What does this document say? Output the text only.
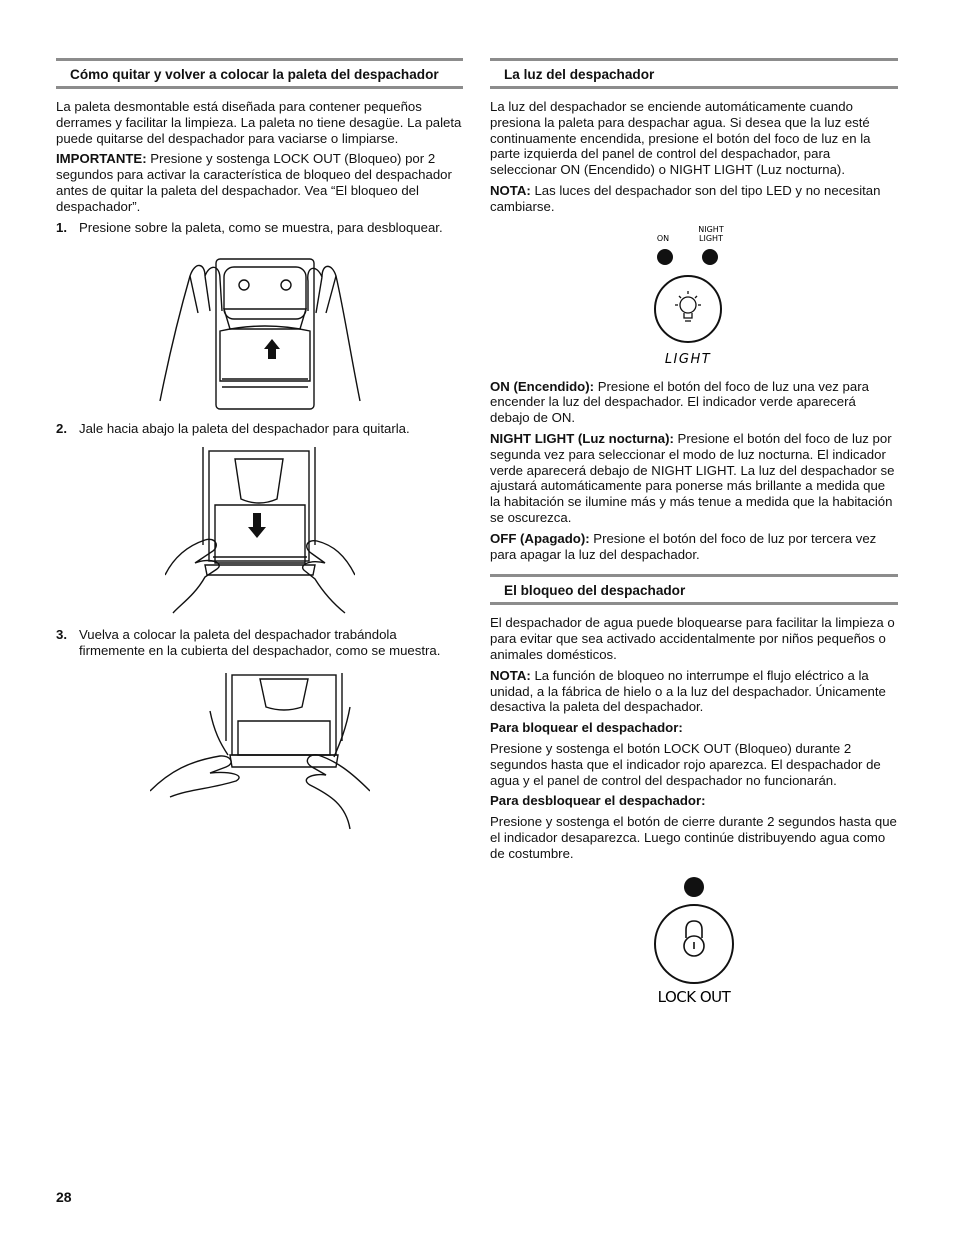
Cómo quitar y volver a colocar la paleta del despachador

La paleta desmontable está diseñada para contener pequeños derrames y facilitar la limpieza. La paleta no tiene desagüe. La paleta puede quitarse del despachador para vaciarse o limpiarse.

IMPORTANTE: Presione y sostenga LOCK OUT (Bloqueo) por 2 segundos para activar la característica de bloqueo del despachador antes de quitar la paleta del despachador. Vea “El bloqueo del despachador”.

1. Presione sobre la paleta, como se muestra, para desbloquear.
2. Jale hacia abajo la paleta del despachador para quitarla.
3. Vuelva a colocar la paleta del despachador trabándola firmemente en la cubierta del despachador, como se muestra.
La luz del despachador

La luz del despachador se enciende automáticamente cuando presiona la paleta para despachar agua. Si desea que la luz esté continuamente encendida, presione el botón del foco de luz en la parte izquierda del panel de control del despachador, para seleccionar ON (Encendido) o NIGHT LIGHT (Luz nocturna).

NOTA: Las luces del despachador son del tipo LED y no necesitan cambiarse.

ON
NIGHT
LIGHT
LIGHT

ON (Encendido): Presione el botón del foco de luz una vez para encender la luz del despachador. El indicador verde aparecerá debajo de ON.

NIGHT LIGHT (Luz nocturna): Presione el botón del foco de luz por segunda vez para seleccionar el modo de luz nocturna. El indicador verde aparecerá debajo de NIGHT LIGHT. La luz del despachador se ajustará automáticamente para ponerse más brillante a medida que la habitación se ilumine más y más tenue a medida que la habitación se oscurezca.

OFF (Apagado): Presione el botón del foco de luz por tercera vez para apagar la luz del despachador.

El bloqueo del despachador

El despachador de agua puede bloquearse para facilitar la limpieza o para evitar que sea activado accidentalmente por niños pequeños o animales domésticos.

NOTA: La función de bloqueo no interrumpe el flujo eléctrico a la unidad, a la fábrica de hielo o a la luz del despachador. Únicamente desactiva la paleta del despachador.

Para bloquear el despachador:

Presione y sostenga el botón LOCK OUT (Bloqueo) durante 2 segundos hasta que el indicador rojo aparezca. El despachador de agua y el panel de control del despachador no funcionarán.

Para desbloquear el despachador:

Presione y sostenga el botón de cierre durante 2 segundos hasta que el indicador desaparezca. Luego continúe distribuyendo agua como de costumbre.

LOCK OUT
28
